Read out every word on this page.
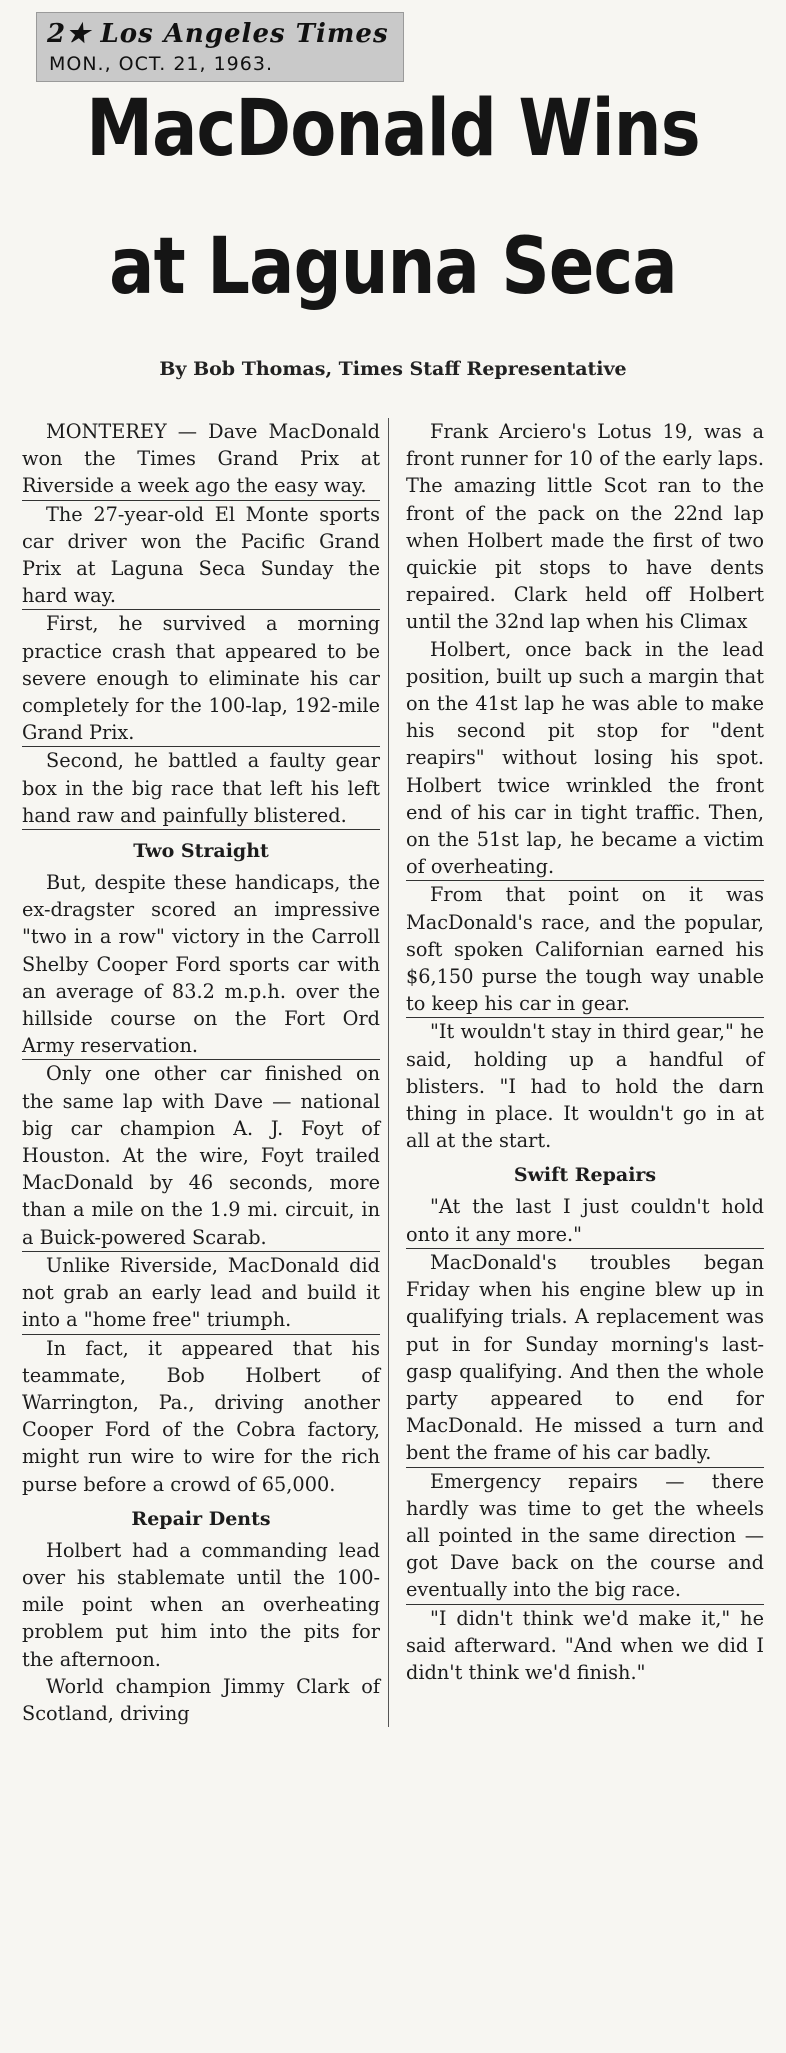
2★ Los Angeles Times
MON., OCT. 21, 1963.
MacDonald Wins
at Laguna Seca
By Bob Thomas, Times Staff Representative

MONTEREY — Dave MacDonald won the Times Grand Prix at Riverside a week ago the easy way.

The 27-year-old El Monte sports car driver won the Pacific Grand Prix at Laguna Seca Sunday the hard way.

First, he survived a morning practice crash that appeared to be severe enough to eliminate his car completely for the 100-lap, 192-mile Grand Prix.

Second, he battled a faulty gear box in the big race that left his left hand raw and painfully blistered.

Two Straight

But, despite these handicaps, the ex-dragster scored an impressive "two in a row" victory in the Carroll Shelby Cooper Ford sports car with an average of 83.2 m.p.h. over the hillside course on the Fort Ord Army reservation.

Only one other car finished on the same lap with Dave — national big car champion A. J. Foyt of Houston. At the wire, Foyt trailed MacDonald by 46 seconds, more than a mile on the 1.9 mi. circuit, in a Buick-powered Scarab.

Unlike Riverside, MacDonald did not grab an early lead and build it into a "home free" triumph.

In fact, it appeared that his teammate, Bob Holbert of Warrington, Pa., driving another Cooper Ford of the Cobra factory, might run wire to wire for the rich purse before a crowd of 65,000.

Repair Dents

Holbert had a commanding lead over his stablemate until the 100-mile point when an overheating problem put him into the pits for the afternoon.

World champion Jimmy Clark of Scotland, driving

Frank Arciero's Lotus 19, was a front runner for 10 of the early laps. The amazing little Scot ran to the front of the pack on the 22nd lap when Holbert made the first of two quickie pit stops to have dents repaired. Clark held off Holbert until the 32nd lap when his Climax

Holbert, once back in the lead position, built up such a margin that on the 41st lap he was able to make his second pit stop for "dent reapirs" without losing his spot. Holbert twice wrinkled the front end of his car in tight traffic. Then, on the 51st lap, he became a victim of overheating.

From that point on it was MacDonald's race, and the popular, soft spoken Californian earned his $6,150 purse the tough way unable to keep his car in gear.

"It wouldn't stay in third gear," he said, holding up a handful of blisters. "I had to hold the darn thing in place. It wouldn't go in at all at the start.

Swift Repairs

"At the last I just couldn't hold onto it any more."

MacDonald's troubles began Friday when his engine blew up in qualifying trials. A replacement was put in for Sunday morning's last-gasp qualifying. And then the whole party appeared to end for MacDonald. He missed a turn and bent the frame of his car badly.

Emergency repairs — there hardly was time to get the wheels all pointed in the same direction — got Dave back on the course and eventually into the big race.

"I didn't think we'd make it," he said afterward. "And when we did I didn't think we'd finish."
